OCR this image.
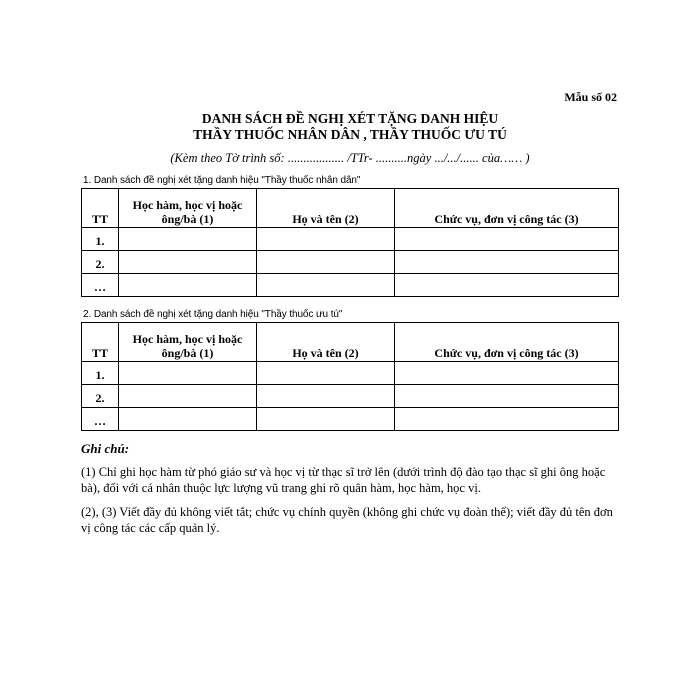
Mẫu số 02
DANH SÁCH ĐỀ NGHỊ XÉT TẶNG DANH HIỆU
THẦY THUỐC NHÂN DÂN , THẦY THUỐC ƯU TÚ
(Kèm theo Tờ trình số: .................. /TTr- ..........ngày .../.../...... của…… )
1. Danh sách đề nghị xét tặng danh hiệu "Thầy thuốc nhân dân"
TT	Học hàm, học vị hoặc ông/bà (1)	Họ và tên (2)	Chức vụ, đơn vị công tác (3)
1.			
2.			
…			
2. Danh sách đề nghị xét tặng danh hiệu "Thầy thuốc ưu tú"
TT	Học hàm, học vị hoặc ông/bà (1)	Họ và tên (2)	Chức vụ, đơn vị công tác (3)
1.			
2.			
…			
Ghi chú:
(1) Chỉ ghi học hàm từ phó giáo sư và học vị từ thạc sĩ trở lên (dưới trình độ đào tạo thạc sĩ ghi ông hoặc bà), đối với cá nhân thuộc lực lượng vũ trang ghi rõ quân hàm, học hàm, học vị.
(2), (3) Viết đầy đủ không viết tắt; chức vụ chính quyền (không ghi chức vụ đoàn thể); viết đầy đủ tên đơn vị công tác các cấp quản lý.
